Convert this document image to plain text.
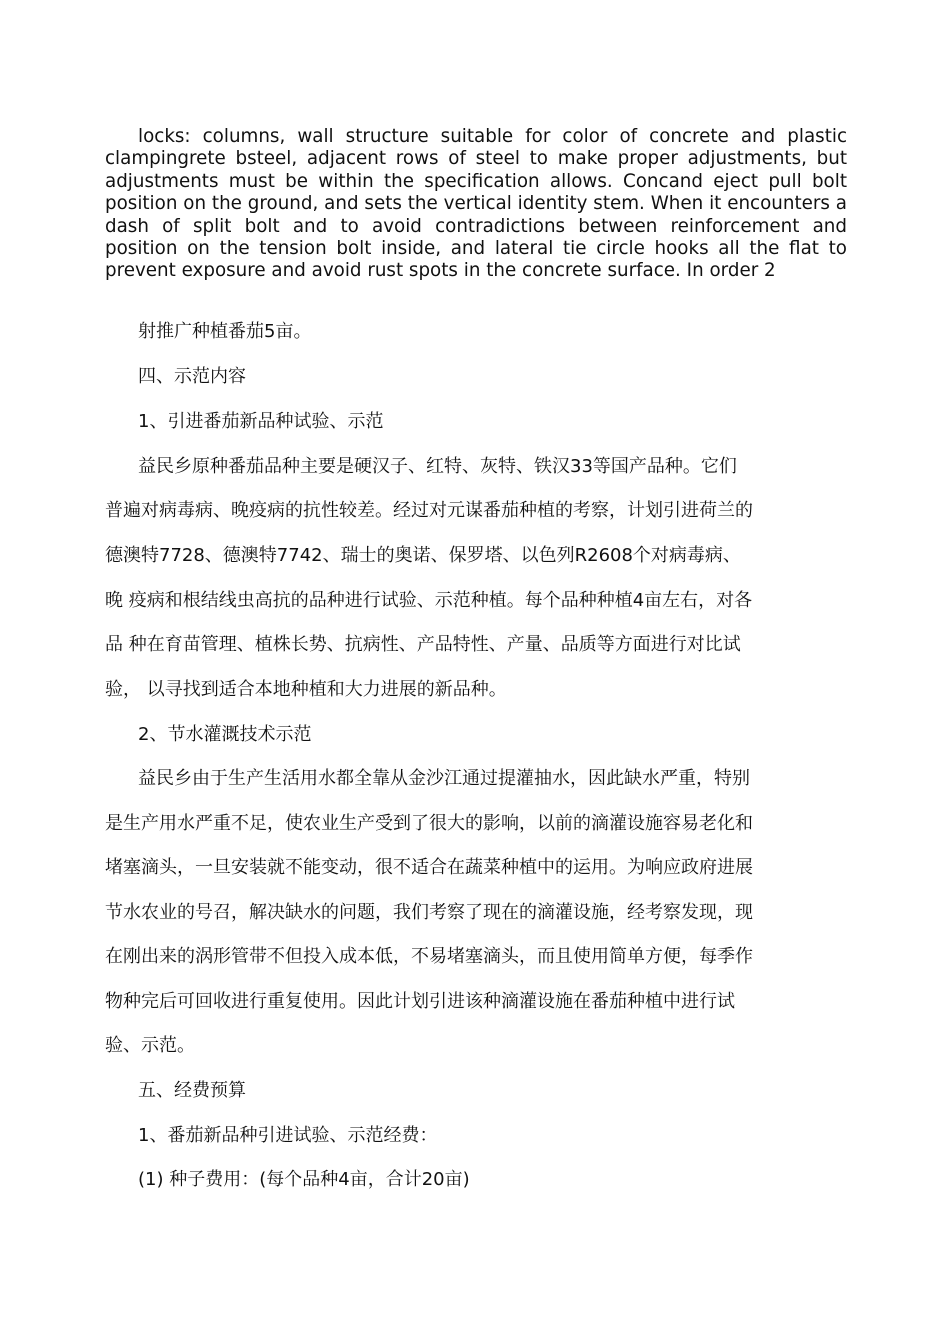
locks: columns, wall structure suitable for color of concrete and plastic clampingrete bsteel, adjacent rows of steel to make proper adjustments, but adjustments must be within the specification allows. Concand eject pull bolt position on the ground, and sets the vertical identity stem. When it encounters a dash of split bolt and to avoid contradictions between reinforcement and position on the tension bolt inside, and lateral tie circle hooks all the flat to prevent exposure and avoid rust spots in the concrete surface. In order 2

射推广种植番茄5亩。

四、示范内容

1、引进番茄新品种试验、示范

益民乡原种番茄品种主要是硬汉子、红特、灰特、铁汉33等国产品种。它们

普遍对病毒病、晚疫病的抗性较差。经过对元谋番茄种植的考察，计划引进荷兰的

德澳特7728、德澳特7742、瑞士的奥诺、保罗塔、以色列R2608个对病毒病、

晚 疫病和根结线虫高抗的品种进行试验、示范种植。每个品种种植4亩左右，对各

品 种在育苗管理、植株长势、抗病性、产品特性、产量、品质等方面进行对比试

验， 以寻找到适合本地种植和大力进展的新品种。

2、节水灌溉技术示范

益民乡由于生产生活用水都全靠从金沙江通过提灌抽水，因此缺水严重，特别

是生产用水严重不足，使农业生产受到了很大的影响，以前的滴灌设施容易老化和

堵塞滴头，一旦安装就不能变动，很不适合在蔬菜种植中的运用。为响应政府进展

节水农业的号召，解决缺水的问题，我们考察了现在的滴灌设施，经考察发现，现

在刚出来的涡形管带不但投入成本低，不易堵塞滴头，而且使用简单方便，每季作

物种完后可回收进行重复使用。因此计划引进该种滴灌设施在番茄种植中进行试

验、示范。

五、经费预算

1、番茄新品种引进试验、示范经费：

(1) 种子费用：(每个品种4亩，合计20亩)
